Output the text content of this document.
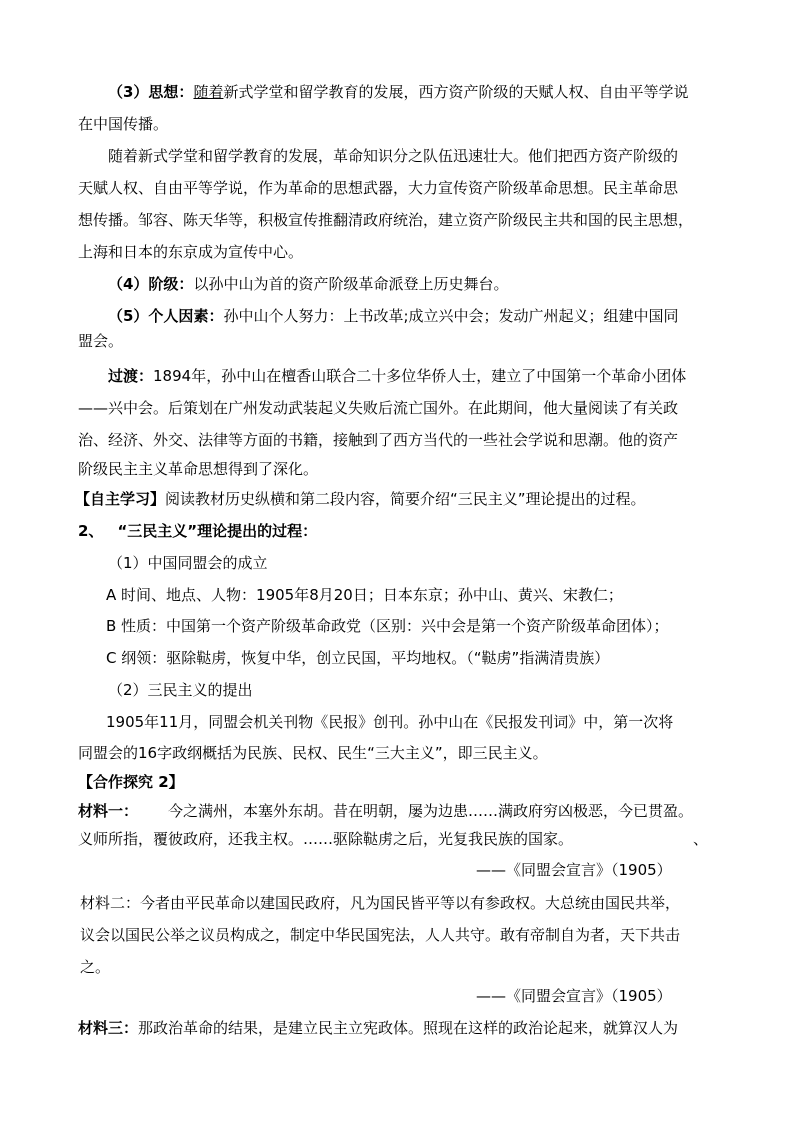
（3）思想：随着新式学堂和留学教育的发展，西方资产阶级的天赋人权、自由平等学说
在中国传播。
随着新式学堂和留学教育的发展，革命知识分之队伍迅速壮大。他们把西方资产阶级的
天赋人权、自由平等学说，作为革命的思想武器，大力宣传资产阶级革命思想。民主革命思
想传播。邹容、陈天华等，积极宣传推翻清政府统治，建立资产阶级民主共和国的民主思想，
上海和日本的东京成为宣传中心。
（4）阶级：以孙中山为首的资产阶级革命派登上历史舞台。
（5）个人因素：孙中山个人努力：上书改革;成立兴中会；发动广州起义；组建中国同
盟会。
过渡：1894年，孙中山在檀香山联合二十多位华侨人士，建立了中国第一个革命小团体
——兴中会。后策划在广州发动武装起义失败后流亡国外。在此期间，他大量阅读了有关政
治、经济、外交、法律等方面的书籍，接触到了西方当代的一些社会学说和思潮。他的资产
阶级民主主义革命思想得到了深化。
【自主学习】阅读教材历史纵横和第二段内容，简要介绍“三民主义”理论提出的过程。
2、 “三民主义”理论提出的过程：
（1）中国同盟会的成立
A 时间、地点、人物：1905年8月20日；日本东京；孙中山、黄兴、宋教仁；
B 性质：中国第一个资产阶级革命政党（区别：兴中会是第一个资产阶级革命团体）；
C 纲领：驱除鞑虏，恢复中华，创立民国，平均地权。（“鞑虏”指满清贵族）
（2）三民主义的提出
1905年11月，同盟会机关刊物《民报》创刊。孙中山在《民报发刊词》中，第一次将
同盟会的16字政纲概括为民族、民权、民生“三大主义”，即三民主义。
【合作探究 2】
材料一： 今之满州，本塞外东胡。昔在明朝，屡为边患……满政府穷凶极恶，今已贯盈。
义师所指，覆彼政府，还我主权。……驱除鞑虏之后，光复我民族的国家。	、
——《同盟会宣言》（1905）
材料二：今者由平民革命以建国民政府，凡为国民皆平等以有参政权。大总统由国民共举，
议会以国民公举之议员构成之，制定中华民国宪法，人人共守。敢有帝制自为者，天下共击
之。
——《同盟会宣言》（1905）
材料三：那政治革命的结果，是建立民主立宪政体。照现在这样的政治论起来，就算汉人为
